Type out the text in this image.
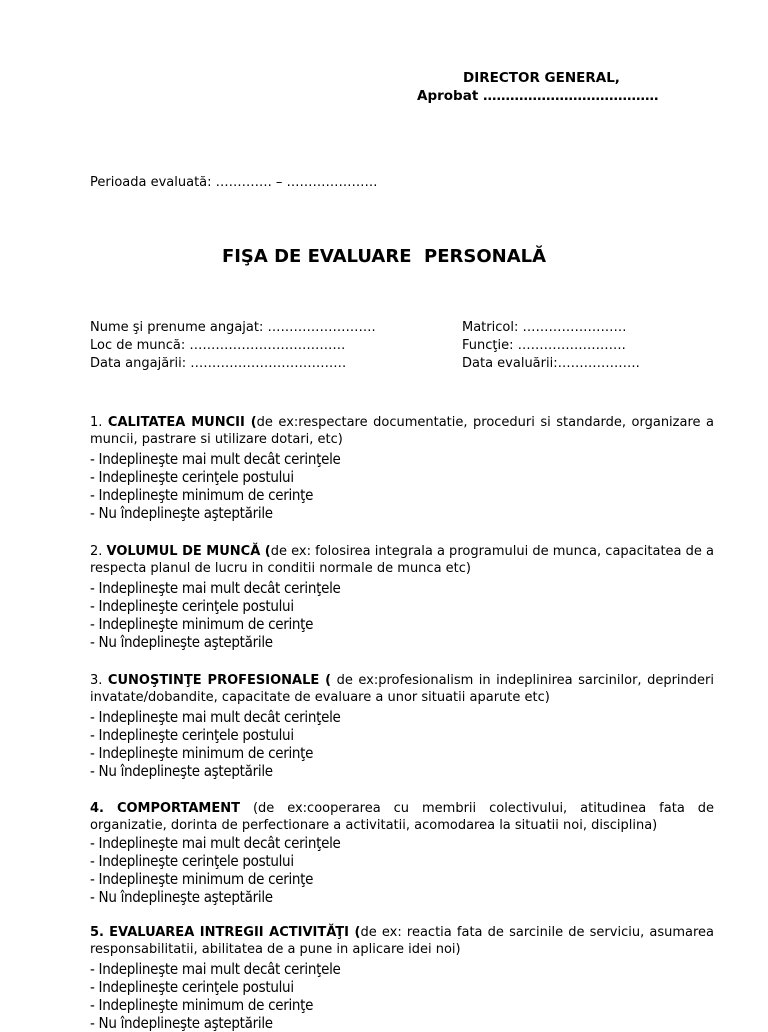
DIRECTOR GENERAL,
Aprobat …………………………………
Perioada evaluată: …………. – …………………
FIŞA DE EVALUARE  PERSONALĂ
Nume şi prenume angajat: …………………….
Loc de muncă: ………………………………
Data angajării: ………………………………
Matricol: ……………………
Funcţie: …………………….
Data evaluării:……………….
1. CALITATEA MUNCII (de ex:respectare documentatie, proceduri si standarde, organizare a muncii, pastrare si utilizare dotari, etc)
- Indeplineşte mai mult decât cerinţele
- Indeplineşte cerinţele postului
- Indeplineşte minimum de cerinţe
- Nu îndeplineşte aşteptările
2. VOLUMUL DE MUNCĂ (de ex: folosirea integrala a programului de munca, capacitatea de a respecta planul de lucru in conditii normale de munca etc)
- Indeplineşte mai mult decât cerinţele
- Indeplineşte cerinţele postului
- Indeplineşte minimum de cerinţe
- Nu îndeplineşte aşteptările
3. CUNOŞTINŢE PROFESIONALE ( de ex:profesionalism in indeplinirea sarcinilor, deprinderi invatate/dobandite, capacitate de evaluare a unor situatii aparute etc)
- Indeplineşte mai mult decât cerinţele
- Indeplineşte cerinţele postului
- Indeplineşte minimum de cerinţe
- Nu îndeplineşte aşteptările
4. COMPORTAMENT (de ex:cooperarea cu membrii colectivului, atitudinea fata de organizatie, dorinta de perfectionare a activitatii, acomodarea la situatii noi, disciplina)
- Indeplineşte mai mult decât cerinţele
- Indeplineşte cerinţele postului
- Indeplineşte minimum de cerinţe
- Nu îndeplineşte aşteptările
5. EVALUAREA INTREGII ACTIVITĂŢI (de ex: reactia fata de sarcinile de serviciu, asumarea responsabilitatii, abilitatea de a pune in aplicare idei noi)
- Indeplineşte mai mult decât cerinţele
- Indeplineşte cerinţele postului
- Indeplineşte minimum de cerinţe
- Nu îndeplineşte aşteptările
